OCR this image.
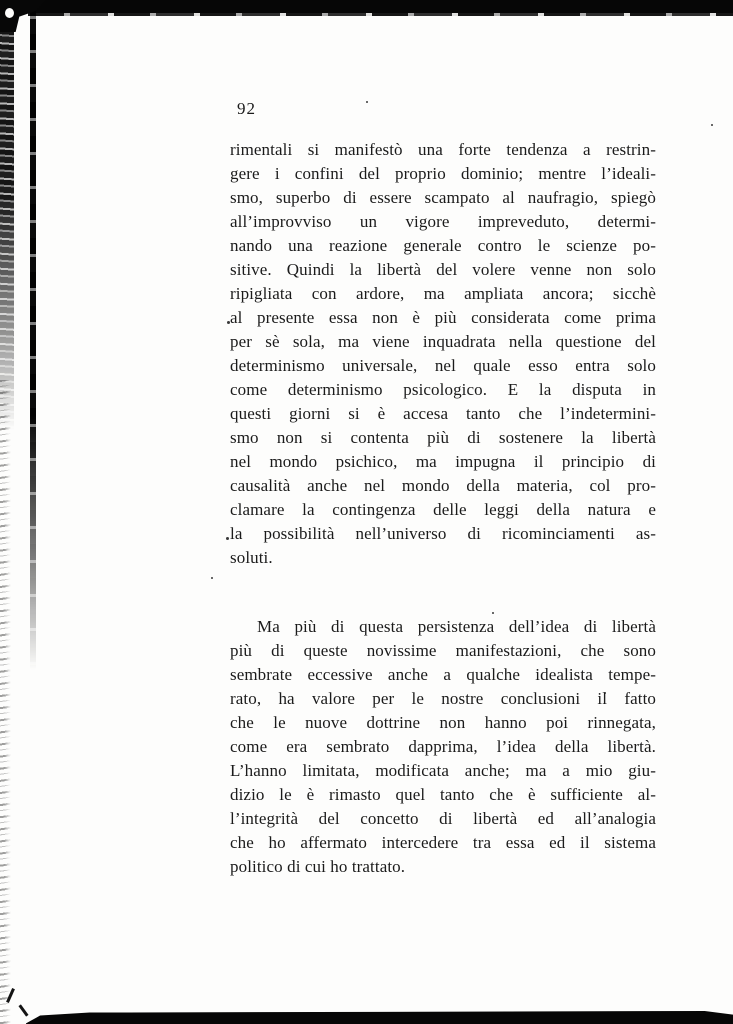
92
rimentali si manifestò una forte tendenza a restrin-
gere i confini del proprio dominio; mentre l’ideali-
smo, superbo di essere scampato al naufragio, spiegò
all’improvviso un vigore impreveduto, determi-
nando una reazione generale contro le scienze po-
sitive. Quindi la libertà del volere venne non solo
ripigliata con ardore, ma ampliata ancora; sicchè
al presente essa non è più considerata come prima
per sè sola, ma viene inquadrata nella questione del
determinismo universale, nel quale esso entra solo
come determinismo psicologico. E la disputa in
questi giorni si è accesa tanto che l’indetermini-
smo non si contenta più di sostenere la libertà
nel mondo psichico, ma impugna il principio di
causalità anche nel mondo della materia, col pro-
clamare la contingenza delle leggi della natura e
la possibilità nell’universo di ricominciamenti as-
soluti.
Ma più di questa persistenza dell’idea di libertà
più di queste novissime manifestazioni, che sono
sembrate eccessive anche a qualche idealista tempe-
rato, ha valore per le nostre conclusioni il fatto
che le nuove dottrine non hanno poi rinnegata,
come era sembrato dapprima, l’idea della libertà.
L’hanno limitata, modificata anche; ma a mio giu-
dizio le è rimasto quel tanto che è sufficiente al-
l’integrità del concetto di libertà ed all’analogia
che ho affermato intercedere tra essa ed il sistema
politico di cui ho trattato.
